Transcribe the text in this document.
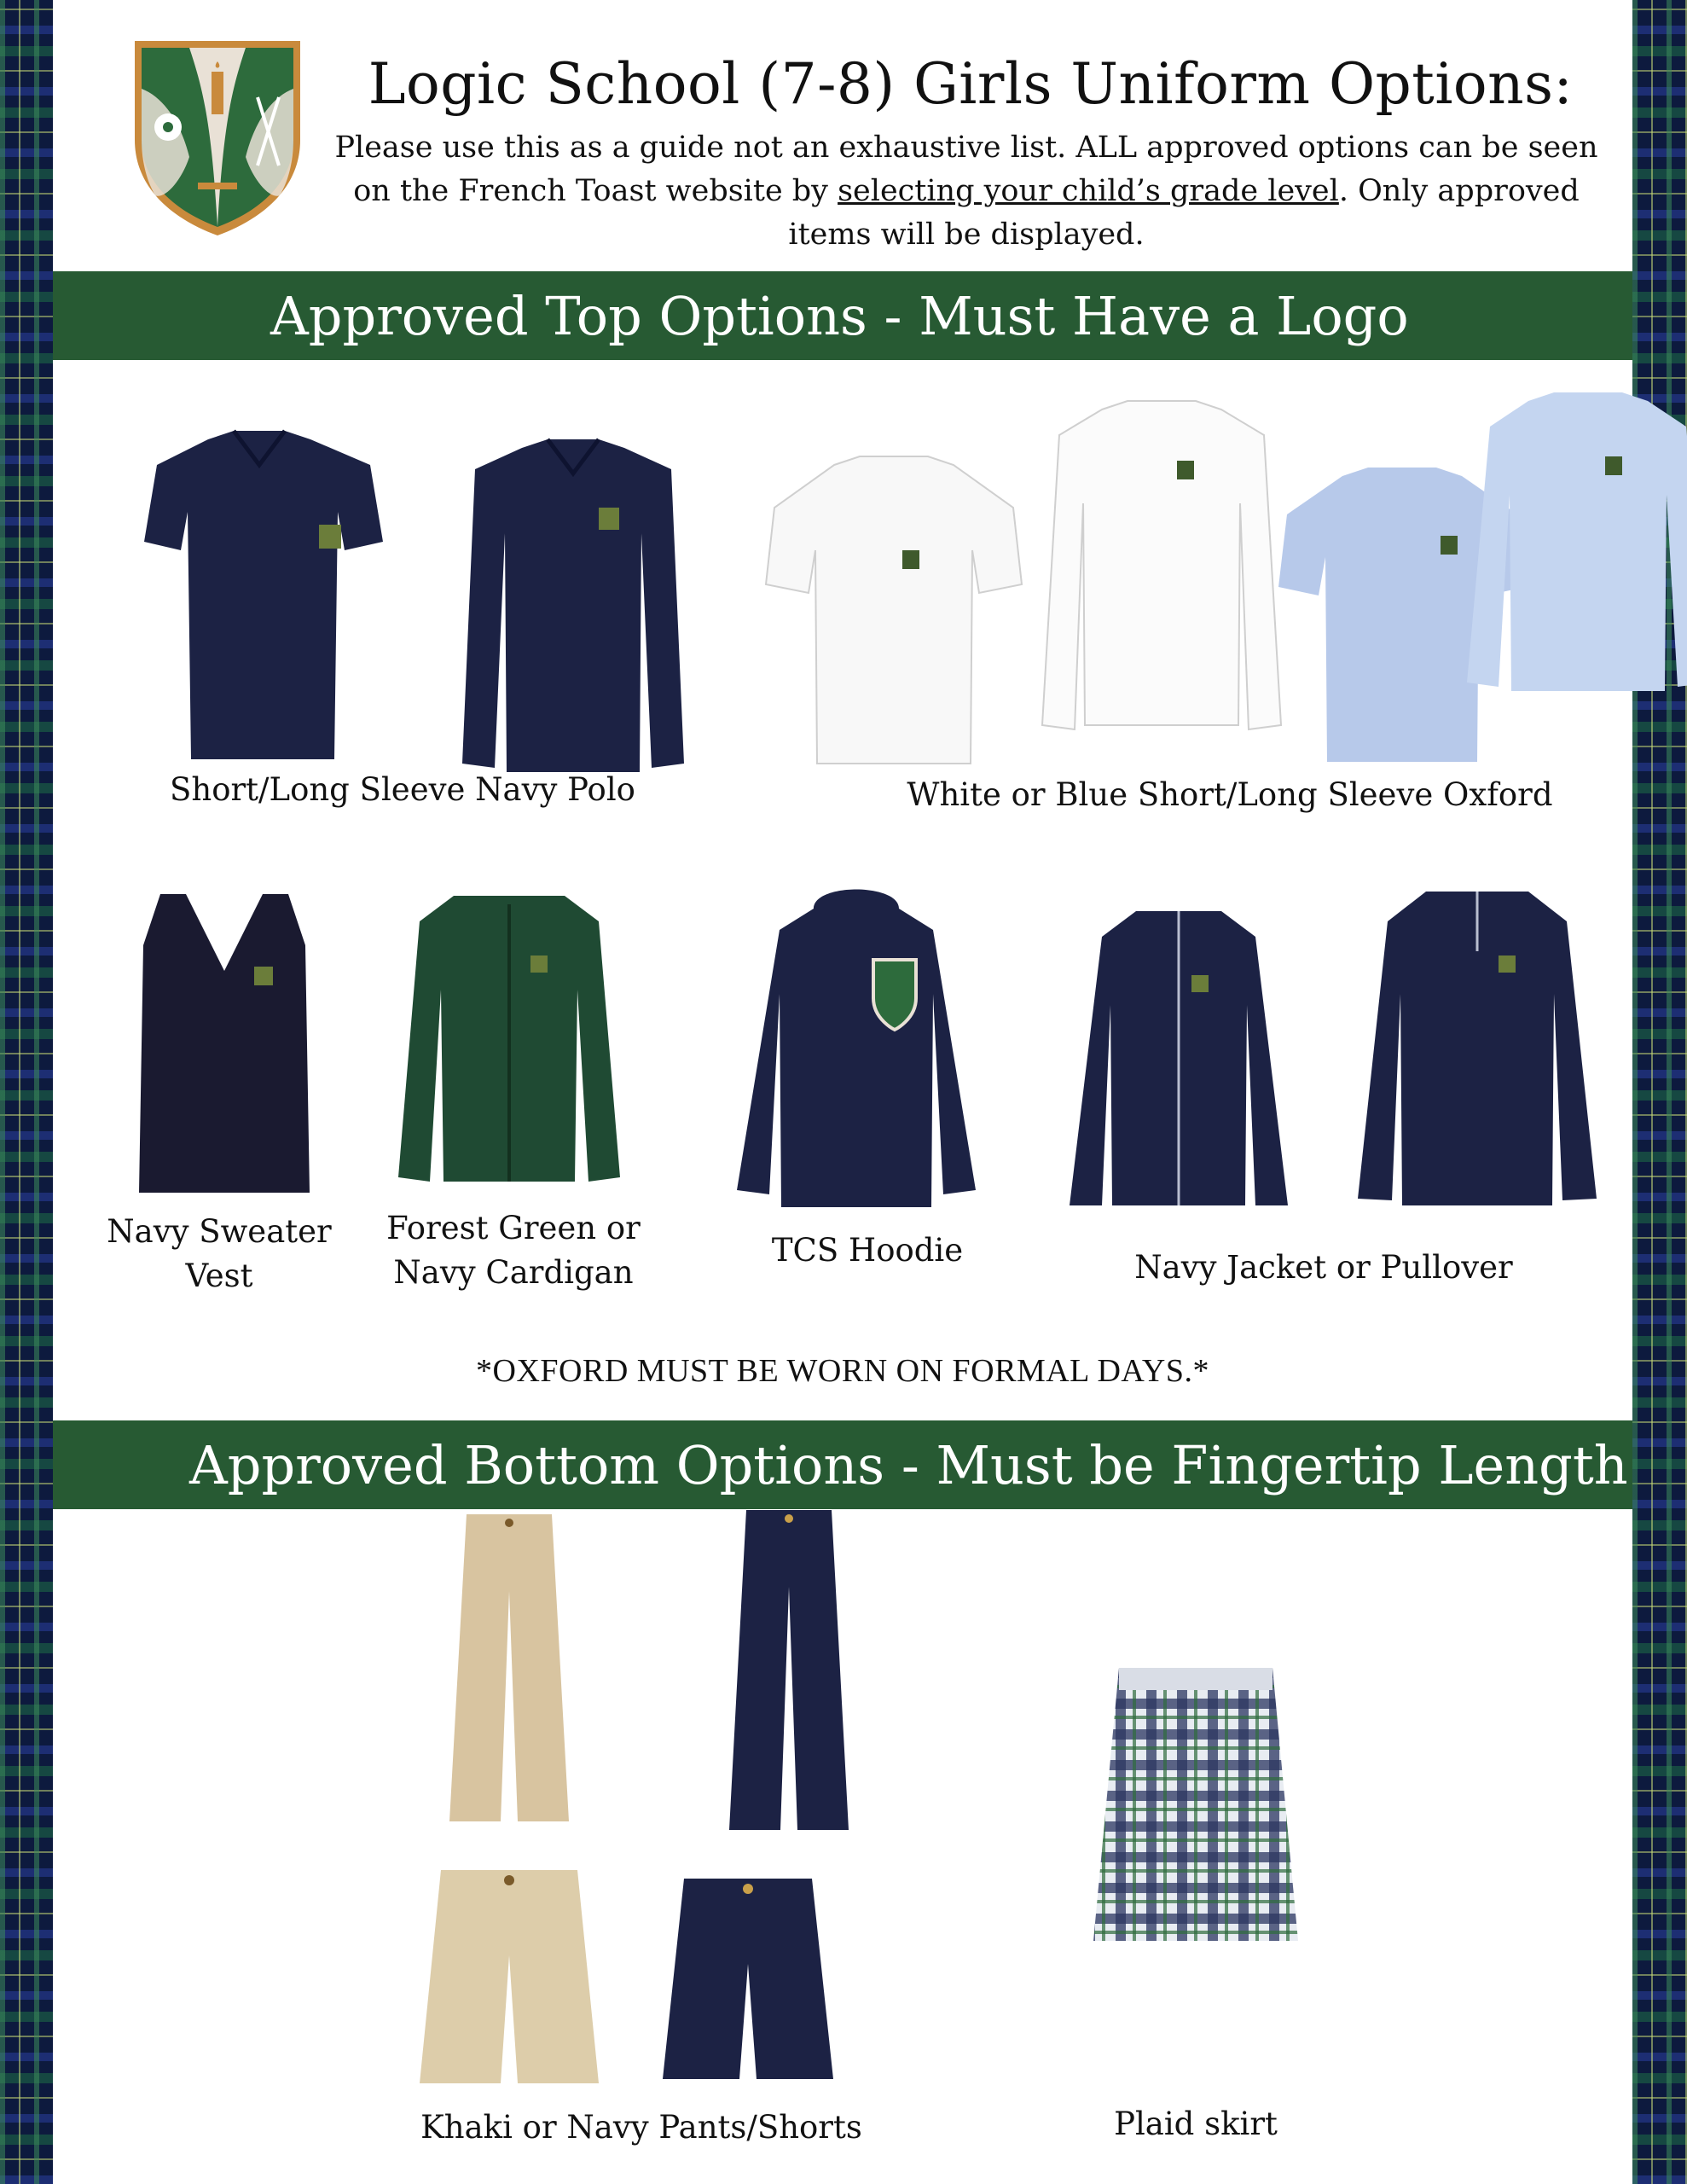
Logic School (7-8) Girls Uniform Options:
Please use this as a guide not an exhaustive list. ALL approved options can be seen on the French Toast website by selecting your child’s grade level. Only approved items will be displayed.
Approved Top Options - Must Have a Logo
Short/Long Sleeve Navy Polo	White or Blue Short/Long Sleeve Oxford
Navy Sweater Vest
Forest Green or Navy Cardigan
TCS Hoodie	Navy Jacket or Pullover
*OXFORD MUST BE WORN ON FORMAL DAYS.*
Approved Bottom Options - Must be Fingertip Length
Khaki or Navy Pants/Shorts	Plaid skirt
